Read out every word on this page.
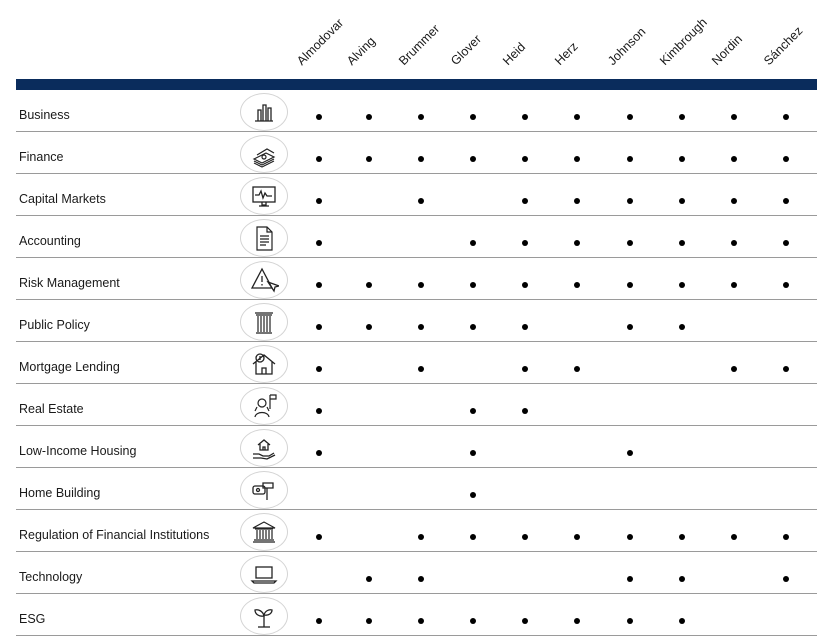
Almodovar
Alving Brummer Glover Heid Herz Johnson Kimbrough Nordin Sánchez
Business
Finance
Capital Markets
Accounting
Risk Management
Public Policy
Mortgage Lending
Real Estate
Low-Income Housing
Home Building
Regulation of Financial Institutions
Technology
ESG
